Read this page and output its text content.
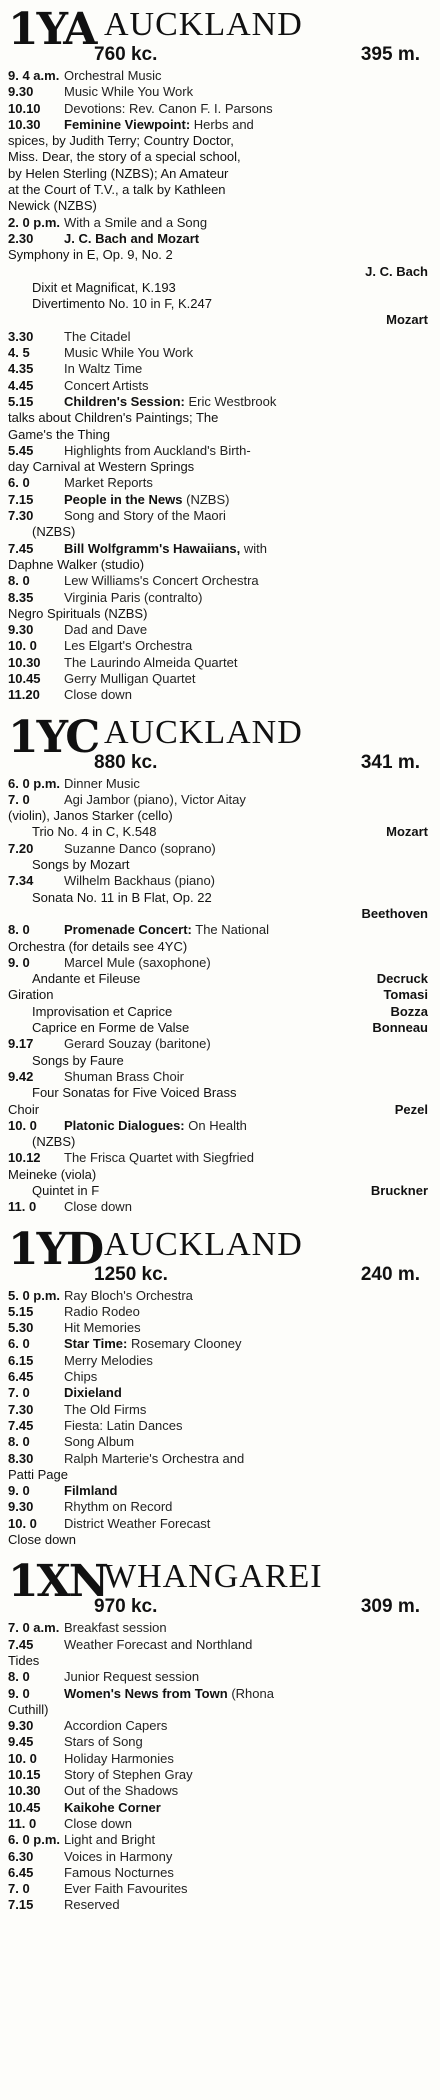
1YA AUCKLAND
760 kc.	395 m.
9. 4 a.m. Orchestral Music
9.30 Music While You Work
10.10 Devotions: Rev. Canon F. I. Parsons
10.30 Feminine Viewpoint: Herbs and
spices, by Judith Terry; Country Doctor,
Miss. Dear, the story of a special school,
by Helen Sterling (NZBS); An Amateur
at the Court of T.V., a talk by Kathleen
Newick (NZBS)
2. 0 p.m. With a Smile and a Song
2.30 J. C. Bach and Mozart
Symphony in E, Op. 9, No. 2
J. C. Bach
Dixit et Magnificat, K.193
Divertimento No. 10 in F, K.247
Mozart
3.30 The Citadel
4. 5	Music While You Work
4.35 In Waltz Time
4.45 Concert Artists
5.15 Children's Session: Eric Westbrook
talks about Children's Paintings; The
Game's the Thing
5.45 Highlights from Auckland's Birth-
day Carnival at Western Springs
6. 0	Market Reports
7.15 People in the News (NZBS)
7.30 Song and Story of the Maori
(NZBS)
7.45 Bill Wolfgramm's Hawaiians, with
Daphne Walker (studio)
8. 0	Lew Williams's Concert Orchestra
8.35 Virginia Paris (contralto)
Negro Spirituals (NZBS)
9.30 Dad and Dave
10. 0 Les Elgart's Orchestra
10.30 The Laurindo Almeida Quartet
10.45 Gerry Mulligan Quartet
11.20 Close down
1YC AUCKLAND
880 kc.	341 m.
6. 0 p.m. Dinner Music
7. 0	Agi Jambor (piano), Victor Aitay
(violin), Janos Starker (cello)
Trio No. 4 in C, K.548	Mozart
7.20 Suzanne Danco (soprano)
Songs by Mozart
7.34 Wilhelm Backhaus (piano)
Sonata No. 11 in B Flat, Op. 22
Beethoven
8. 0	Promenade Concert: The National
Orchestra (for details see 4YC)
9. 0	Marcel Mule (saxophone)
Andante et Fileuse	Decruck
Giration	Tomasi
Improvisation et Caprice	Bozza
Caprice en Forme de Valse	Bonneau
9.17 Gerard Souzay (baritone)
Songs by Faure
9.42 Shuman Brass Choir
Four Sonatas for Five Voiced Brass
Choir	Pezel
10. 0 Platonic Dialogues: On Health
(NZBS)
10.12 The Frisca Quartet with Siegfried
Meineke (viola)
Quintet in F	Bruckner
11. 0 Close down
1YD AUCKLAND
1250 kc.	240 m.
5. 0 p.m. Ray Bloch's Orchestra
5.15 Radio Rodeo
5.30 Hit Memories
6. 0	Star Time: Rosemary Clooney
6.15 Merry Melodies
6.45 Chips
7. 0	Dixieland
7.30 The Old Firms
7.45 Fiesta: Latin Dances
8. 0	Song Album
8.30 Ralph Marterie's Orchestra and
Patti Page
9. 0	Filmland
9.30 Rhythm on Record
10. 0 District Weather Forecast
Close down
1XN
WHANGAREI
970 kc.	309 m.
7. 0 a.m. Breakfast session
7.45 Weather Forecast and Northland
Tides
8. 0	Junior Request session
9. 0	Women's News from Town (Rhona
Cuthill)
9.30 Accordion Capers
9.45 Stars of Song
10. 0 Holiday Harmonies
10.15 Story of Stephen Gray
10.30 Out of the Shadows
10.45 Kaikohe Corner
11. 0 Close down
6. 0 p.m. Light and Bright
6.30 Voices in Harmony
6.45 Famous Nocturnes
7. 0	Ever Faith Favourites
7.15 Reserved
